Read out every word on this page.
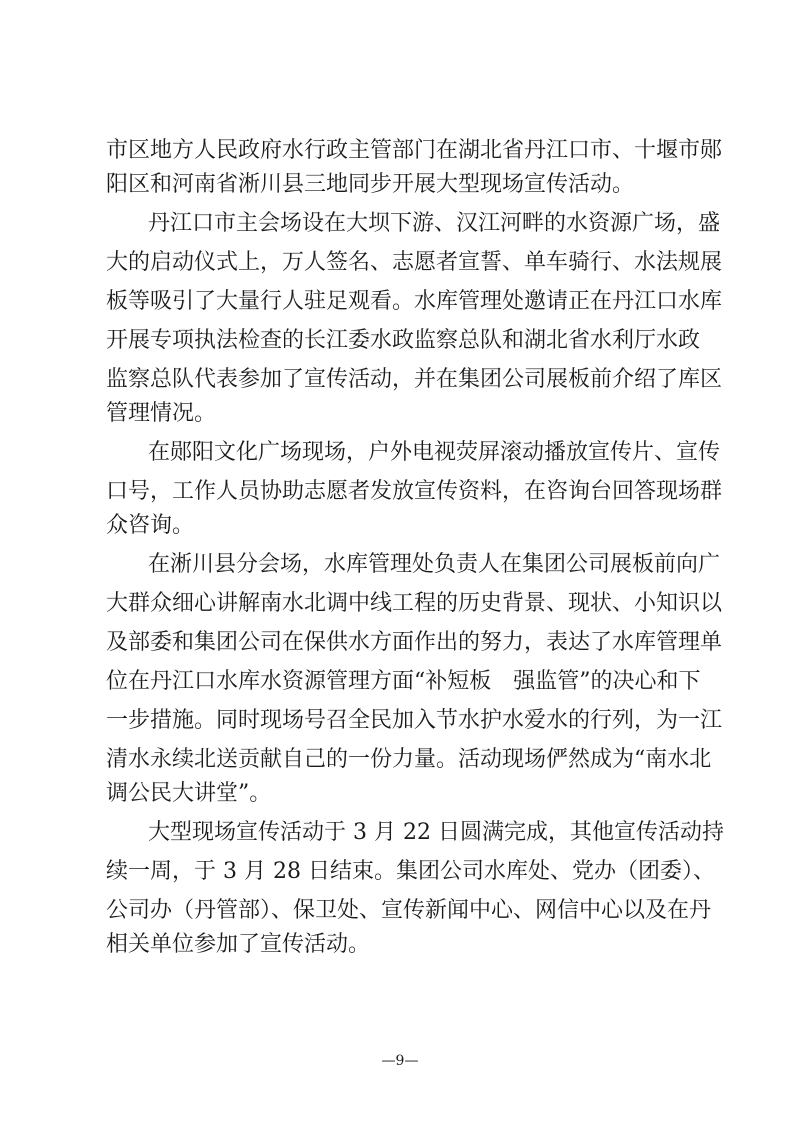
市区地方人民政府水行政主管部门在湖北省丹江口市、十堰市郧
阳区和河南省淅川县三地同步开展大型现场宣传活动。
丹江口市主会场设在大坝下游、汉江河畔的水资源广场，盛
大的启动仪式上，万人签名、志愿者宣誓、单车骑行、水法规展
板等吸引了大量行人驻足观看。水库管理处邀请正在丹江口水库
开展专项执法检查的长江委水政监察总队和湖北省水利厅水政
监察总队代表参加了宣传活动，并在集团公司展板前介绍了库区
管理情况。
在郧阳文化广场现场，户外电视荧屏滚动播放宣传片、宣传
口号，工作人员协助志愿者发放宣传资料，在咨询台回答现场群
众咨询。
在淅川县分会场，水库管理处负责人在集团公司展板前向广
大群众细心讲解南水北调中线工程的历史背景、现状、小知识以
及部委和集团公司在保供水方面作出的努力，表达了水库管理单
位在丹江口水库水资源管理方面“补短板　强监管”的决心和下
一步措施。同时现场号召全民加入节水护水爱水的行列，为一江
清水永续北送贡献自己的一份力量。活动现场俨然成为“南水北
调公民大讲堂”。
大型现场宣传活动于 3 月 22 日圆满完成，其他宣传活动持
续一周，于 3 月 28 日结束。集团公司水库处、党办（团委）、
公司办（丹管部）、保卫处、宣传新闻中心、网信中心以及在丹
相关单位参加了宣传活动。
—9—
